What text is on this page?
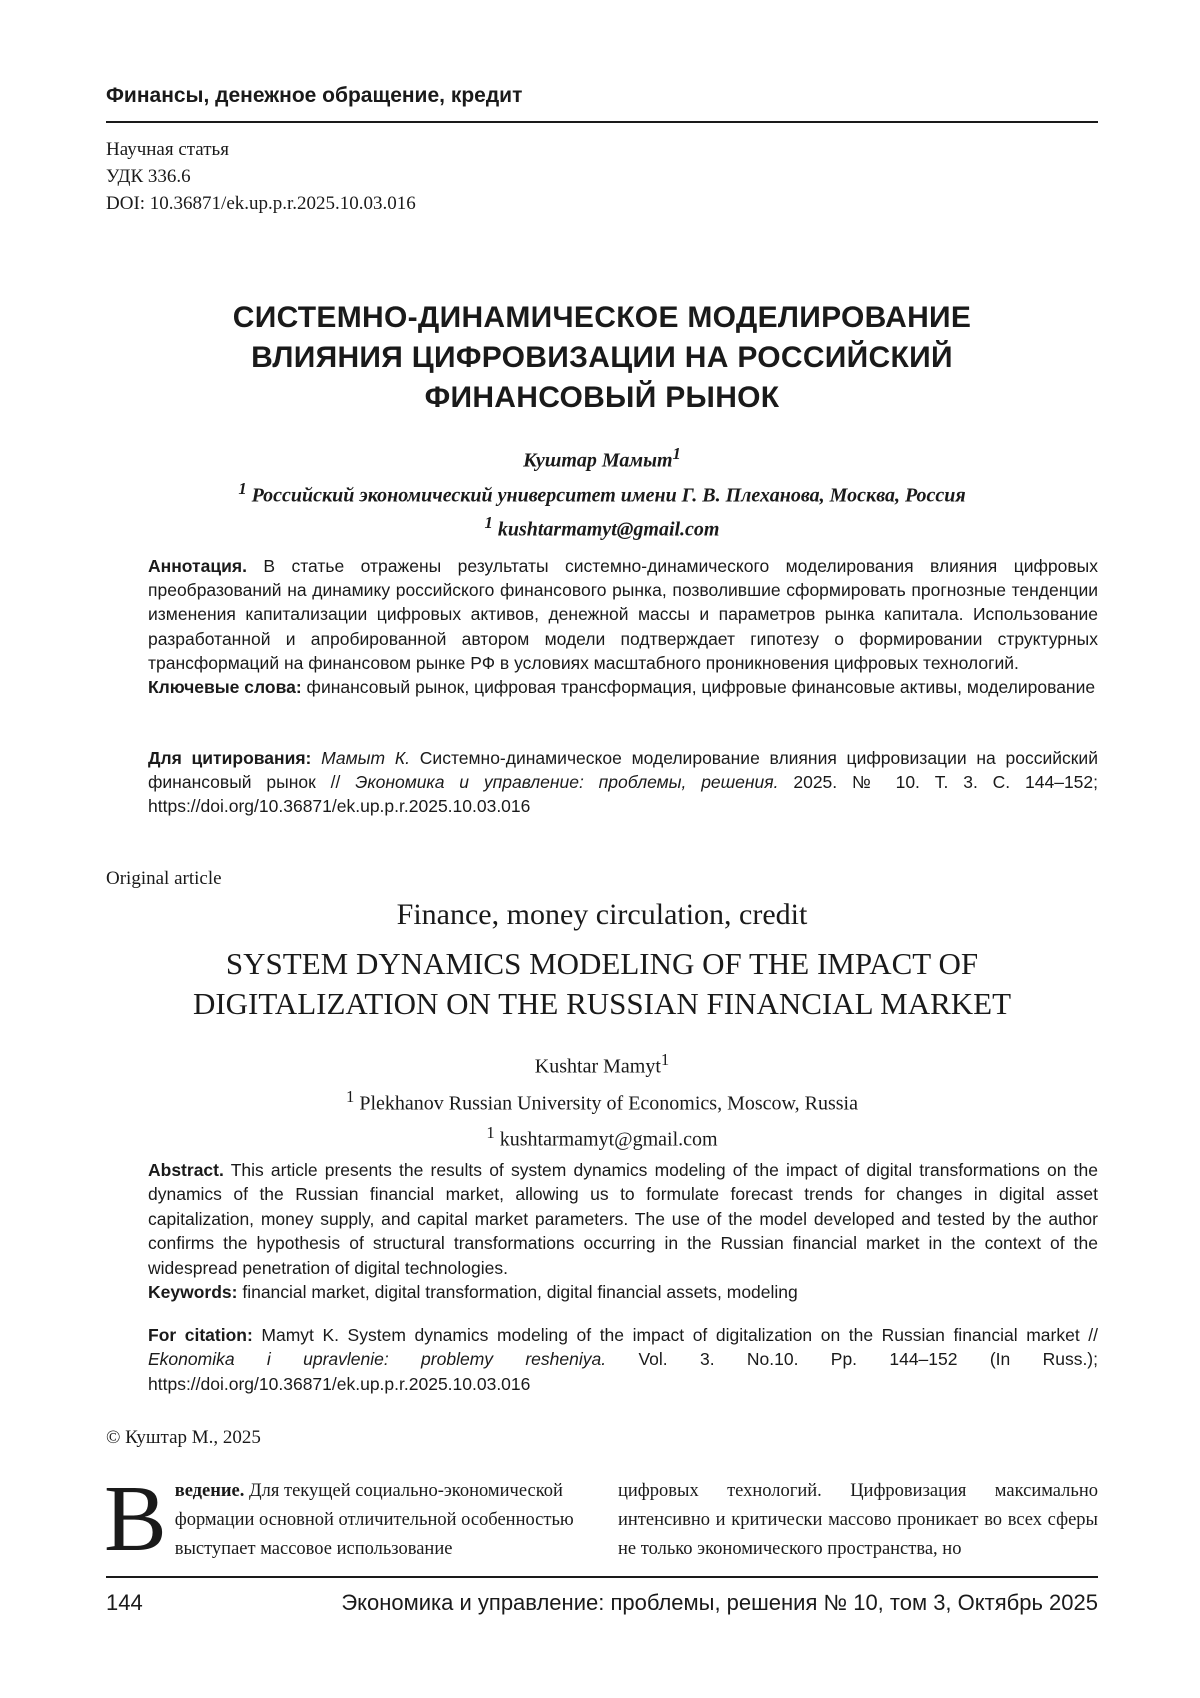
Финансы, денежное обращение, кредит
Научная статья
УДК 336.6
DOI: 10.36871/ek.up.p.r.2025.10.03.016
СИСТЕМНО-ДИНАМИЧЕСКОЕ МОДЕЛИРОВАНИЕ
ВЛИЯНИЯ ЦИФРОВИЗАЦИИ НА РОССИЙСКИЙ
ФИНАНСОВЫЙ РЫНОК
Куштар Мамыт$^1$
$^1$ Российский экономический университет имени Г. В. Плеханова, Москва, Россия
$^1$ kushtarmamyt@gmail.com
Аннотация. В статье отражены результаты системно-динамического моделирования влияния цифровых преобразований на динамику российского финансового рынка, позволившие сформировать прогнозные тенденции изменения капитализации цифровых активов, денежной массы и параметров рынка капитала. Использование разработанной и апробированной автором модели подтверждает гипотезу о формировании структурных трансформаций на финансовом рынке РФ в условиях масштабного проникновения цифровых технологий.
Ключевые слова: финансовый рынок, цифровая трансформация, цифровые финансовые активы, моделирование
Для цитирования: Мамыт К. Системно-динамическое моделирование влияния цифровизации на российский финансовый рынок // Экономика и управление: проблемы, решения. 2025. № 10. Т. 3. С. 144–152; https://doi.org/10.36871/ek.up.p.r.2025.10.03.016
Original article
Finance, money circulation, credit
SYSTEM DYNAMICS MODELING OF THE IMPACT OF
DIGITALIZATION ON THE RUSSIAN FINANCIAL MARKET
Kushtar Mamyt$^1$
$^1$ Plekhanov Russian University of Economics, Moscow, Russia
$^1$ kushtarmamyt@gmail.com
Abstract. This article presents the results of system dynamics modeling of the impact of digital transformations on the dynamics of the Russian financial market, allowing us to formulate forecast trends for changes in digital asset capitalization, money supply, and capital market parameters. The use of the model developed and tested by the author confirms the hypothesis of structural transformations occurring in the Russian financial market in the context of the widespread penetration of digital technologies.
Keywords: financial market, digital transformation, digital financial assets, modeling
For citation: Mamyt K. System dynamics modeling of the impact of digitalization on the Russian financial market // Ekonomika i upravlenie: problemy resheniya. Vol. 3. No.10. Pp. 144–152 (In Russ.); https://doi.org/10.36871/ek.up.p.r.2025.10.03.016
© Куштар М., 2025
В ведение. Для текущей социально-экономической формации основной отличительной особенностью выступает массовое использование
цифровых технологий. Цифровизация максимально интенсивно и критически массово проникает во всех сферы не только экономического пространства, но
144	Экономика и управление: проблемы, решения № 10, том 3, Октябрь 2025
